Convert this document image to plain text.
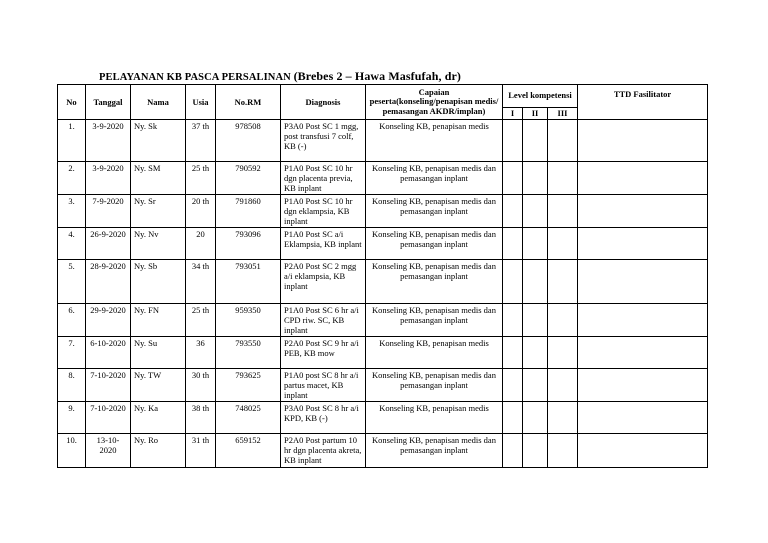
PELAYANAN KB PASCA PERSALINAN (Brebes 2 – Hawa Masfufah, dr)
No	Tanggal	Nama	Usia	No.RM	Diagnosis	Capaian peserta(konseling/penapisan medis/ pemasangan AKDR/implan)	Level kompetensi			TTD Fasilitator
							I	II	III	
1.	3-9-2020	Ny. Sk	37 th	978508	P3A0 Post SC 1 mgg, post transfusi 7 colf, KB (-)	Konseling KB, penapisan medis				
2.	3-9-2020	Ny. SM	25 th	790592	P1A0 Post SC 10 hr dgn placenta previa, KB inplant	Konseling KB, penapisan medis dan pemasangan inplant				
3.	7-9-2020	Ny. Sr	20 th	791860	P1A0 Post SC 10 hr dgn eklampsia, KB inplant	Konseling KB, penapisan medis dan pemasangan inplant				
4.	26-9-2020	Ny. Nv	20	793096	P1A0 Post SC a/i Eklampsia, KB inplant	Konseling KB, penapisan medis dan pemasangan inplant				
5.	28-9-2020	Ny. Sb	34 th	793051	P2A0 Post SC 2 mgg a/i eklampsia, KB inplant	Konseling KB, penapisan medis dan pemasangan inplant				
6.	29-9-2020	Ny. FN	25 th	959350	P1A0 Post SC 6 hr a/i CPD riw. SC, KB inplant	Konseling KB, penapisan medis dan pemasangan inplant				
7.	6-10-2020	Ny. Su	36	793550	P2A0 Post SC 9 hr a/i PEB, KB mow	Konseling KB, penapisan medis				
8.	7-10-2020	Ny. TW	30 th	793625	P1A0 post SC 8 hr a/i partus macet, KB inplant	Konseling KB, penapisan medis dan pemasangan inplant				
9.	7-10-2020	Ny. Ka	38 th	748025	P3A0 Post SC 8 hr a/i KPD, KB (-)	Konseling KB, penapisan medis				
10.	13-10-2020	Ny. Ro	31 th	659152	P2A0 Post partum 10 hr dgn placenta akreta, KB inplant	Konseling KB, penapisan medis dan pemasangan inplant				
